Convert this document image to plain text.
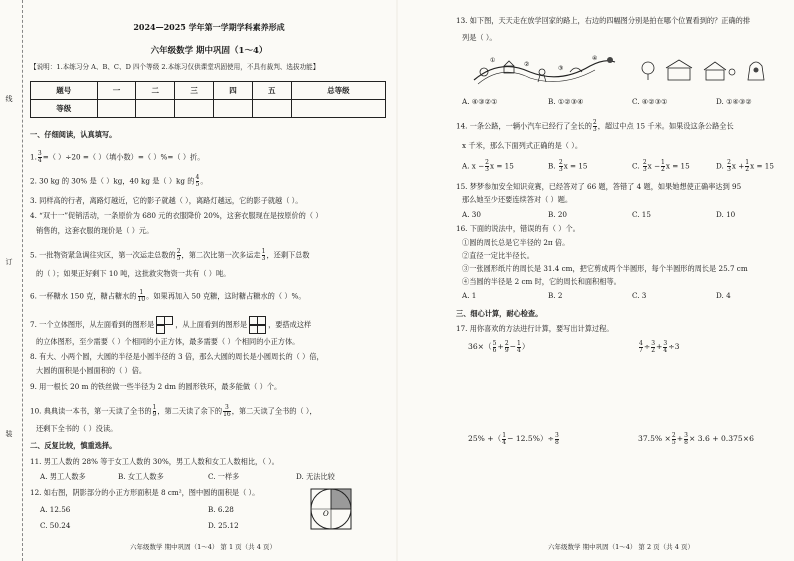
线
订
装
2024—2025 学年第一学期学科素养形成
六年级数学 期中巩固（1～4）
【说明：1.本练习分 A、B、C、D 四个等级 2.本练习仅供课堂巩固使用，不具有裁判、选拔功能】
题号	一	二	三	四	五	总等级
等级						
一、仔细阅读，认真填写。
1. $\frac{3}{4}$ =（ ）÷20 =（ ）（填小数）=（ ）%=（ ）折。
2. 30 kg 的 30% 是（ ）kg，40 kg 是（ ）kg 的 $\frac{4}{5}$ 。
3. 同样高的行者，离路灯越近，它的影子就越（ ），离路灯越远，它的影子就越（ ）。
4. “双十一”促销活动，一条原价为 680 元的衣服降价 20%，这套衣服现在是按原价的（ ）
销售的，这套衣服的现价是（ ）元。
5. 一批物资紧急调往灾区，第一次运走总数的 $\frac{2}{5}$ ，第二次比第一次多运走 $\frac{1}{3}$ ，还剩下总数
的（ ）；如果正好剩下 10 吨，这批救灾物资一共有（ ）吨。
6. 一杯糖水 150 克，糖占糖水的 $\frac{1}{10}$ 。如果再加入 50 克糖，这时糖占糖水的（ ）%。
7. 一个立体图形，从左面看到的图形是	，从上面看到的图形是	，要搭成这样
的立体图形，至少需要（ ）个相同的小正方体，最多需要（ ）个相同的小正方体。
8. 有大、小两个圆，大圆的半径是小圆半径的 3 倍，那么大圆的周长是小圆周长的（ ）倍，
大圆的面积是小圆面积的（ ）倍。
9. 用一根长 20 m 的铁丝做一些半径为 2 dm 的圆形铁环，最多能做（ ）个。
10. 典典读一本书，第一天读了全书的 $\frac{1}{9}$ ，第二天读了余下的 $\frac{3}{16}$ ，第二天读了全书的（ ），
还剩下全书的（ ）没读。
二、反复比较，慎重选择。
11. 男工人数的 28% 等于女工人数的 30%，男工人数和女工人数相比，（ ）。
A. 男工人数多	B. 女工人数多	C. 一样多	D. 无法比较
12. 如右图，阴影部分的小正方形面积是 8 cm²，图中圆的面积是（ ）。
A. 12.56	B. 6.28
C. 50.24	D. 25.12
O
六年级数学 期中巩固（1～4） 第 1 页（共 4 页）
13. 如下图，天天走在放学回家的路上，右边的四幅图分别是拍在哪个位置看到的？正确的排
列是（ ）。
①
②
③
④
A. ④③②①	B. ①②③④	C. ④②③①	D. ①④③②
14. 一条公路，一辆小汽车已经行了全长的 $\frac{2}{3}$ ，超过中点 15 千米。如果设这条公路全长
x 千米，那么下面列式正确的是（ ）。
A. $x - \frac{2}{3}$ x = 15	B. $\frac{2}{3}$ x = 15	C. $\frac{2}{3}$ $x - \frac{1}{2}$ x = 15	D. $\frac{2}{3}$ $x + \frac{1}{2}$ x = 15
15. 梦梦参加安全知识竞赛，已经答对了 66 题，答错了 4 题，如果她想使正确率达到 95
那么她至少还要连续答对（ ）题。
A. 30	B. 20	C. 15	D. 10
16. 下面的说法中，错误的有（ ）个。
①圆的周长总是它半径的 2π 倍。
②直径一定比半径长。
③一张圆形纸片的周长是 31.4 cm，把它剪成两个半圆形，每个半圆形的周长是 25.7 cm
④当圆的半径是 2 cm 时，它的周长和面积相等。
A. 1	B. 2	C. 3	D. 4
三、细心计算，耐心检查。
17. 用你喜欢的方法进行计算，要写出计算过程。
$36\times( \frac{5}{6} + \frac{2}{9} - \frac{1}{4}$ ）	$\frac{4}{7} \div \frac{3}{2} + \frac{3}{4} \div 3$
25% +（ $\frac{1}{4} - 12.5\%)\div \frac{3}{8}$	$37.5\% \times \frac{2}{5} + \frac{3}{8} \times 3.6 + 0.375\times 6$
六年级数学 期中巩固（1～4） 第 2 页（共 4 页）
